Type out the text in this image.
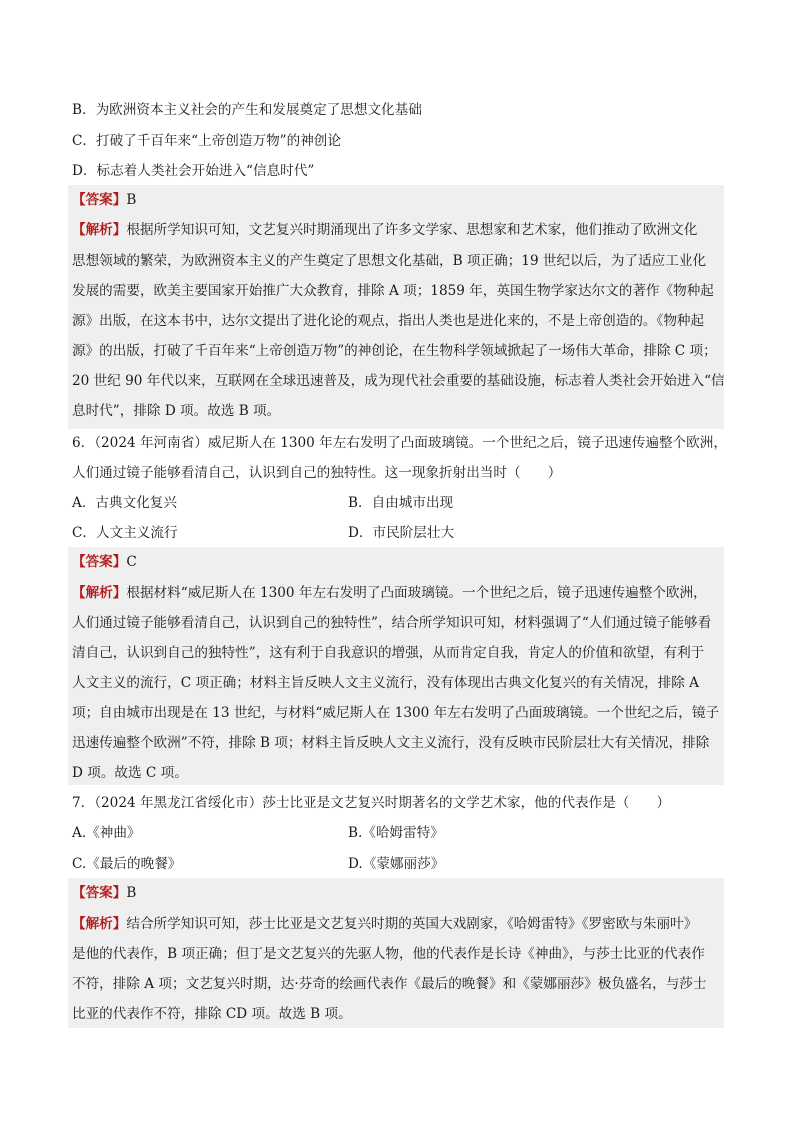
B．为欧洲资本主义社会的产生和发展奠定了思想文化基础
C．打破了千百年来“上帝创造万物”的神创论
D．标志着人类社会开始进入“信息时代”
【答案】B
【解析】根据所学知识可知，文艺复兴时期涌现出了许多文学家、思想家和艺术家，他们推动了欧洲文化
思想领域的繁荣，为欧洲资本主义的产生奠定了思想文化基础，B 项正确；19 世纪以后，为了适应工业化
发展的需要，欧美主要国家开始推广大众教育，排除 A 项；1859 年，英国生物学家达尔文的著作《物种起
源》出版，在这本书中，达尔文提出了进化论的观点，指出人类也是进化来的，不是上帝创造的。《物种起
源》的出版，打破了千百年来“上帝创造万物”的神创论，在生物科学领域掀起了一场伟大革命，排除 C 项；
20 世纪 90 年代以来，互联网在全球迅速普及，成为现代社会重要的基础设施，标志着人类社会开始进入“信
息时代”，排除 D 项。故选 B 项。
6．（2024 年河南省）威尼斯人在 1300 年左右发明了凸面玻璃镜。一个世纪之后，镜子迅速传遍整个欧洲，
人们通过镜子能够看清自己，认识到自己的独特性。这一现象折射出当时（　　）
A．古典文化复兴	B．自由城市出现
C．人文主义流行	D．市民阶层壮大
【答案】C
【解析】根据材料“威尼斯人在 1300 年左右发明了凸面玻璃镜。一个世纪之后，镜子迅速传遍整个欧洲，
人们通过镜子能够看清自己，认识到自己的独特性”，结合所学知识可知，材料强调了“人们通过镜子能够看
清自己，认识到自己的独特性”，这有利于自我意识的增强，从而肯定自我，肯定人的价值和欲望，有利于
人文主义的流行，C 项正确；材料主旨反映人文主义流行，没有体现出古典文化复兴的有关情况，排除 A
项；自由城市出现是在 13 世纪，与材料“威尼斯人在 1300 年左右发明了凸面玻璃镜。一个世纪之后，镜子
迅速传遍整个欧洲”不符，排除 B 项；材料主旨反映人文主义流行，没有反映市民阶层壮大有关情况，排除
D 项。故选 C 项。
7．（2024 年黑龙江省绥化市）莎士比亚是文艺复兴时期著名的文学艺术家，他的代表作是（　　）
A.《神曲》	B.《哈姆雷特》
C.《最后的晚餐》	D.《蒙娜丽莎》
【答案】B
【解析】结合所学知识可知，莎士比亚是文艺复兴时期的英国大戏剧家，《哈姆雷特》《罗密欧与朱丽叶》
是他的代表作，B 项正确；但丁是文艺复兴的先驱人物，他的代表作是长诗《神曲》，与莎士比亚的代表作
不符，排除 A 项；文艺复兴时期，达·芬奇的绘画代表作《最后的晚餐》和《蒙娜丽莎》极负盛名，与莎士
比亚的代表作不符，排除 CD 项。故选 B 项。
